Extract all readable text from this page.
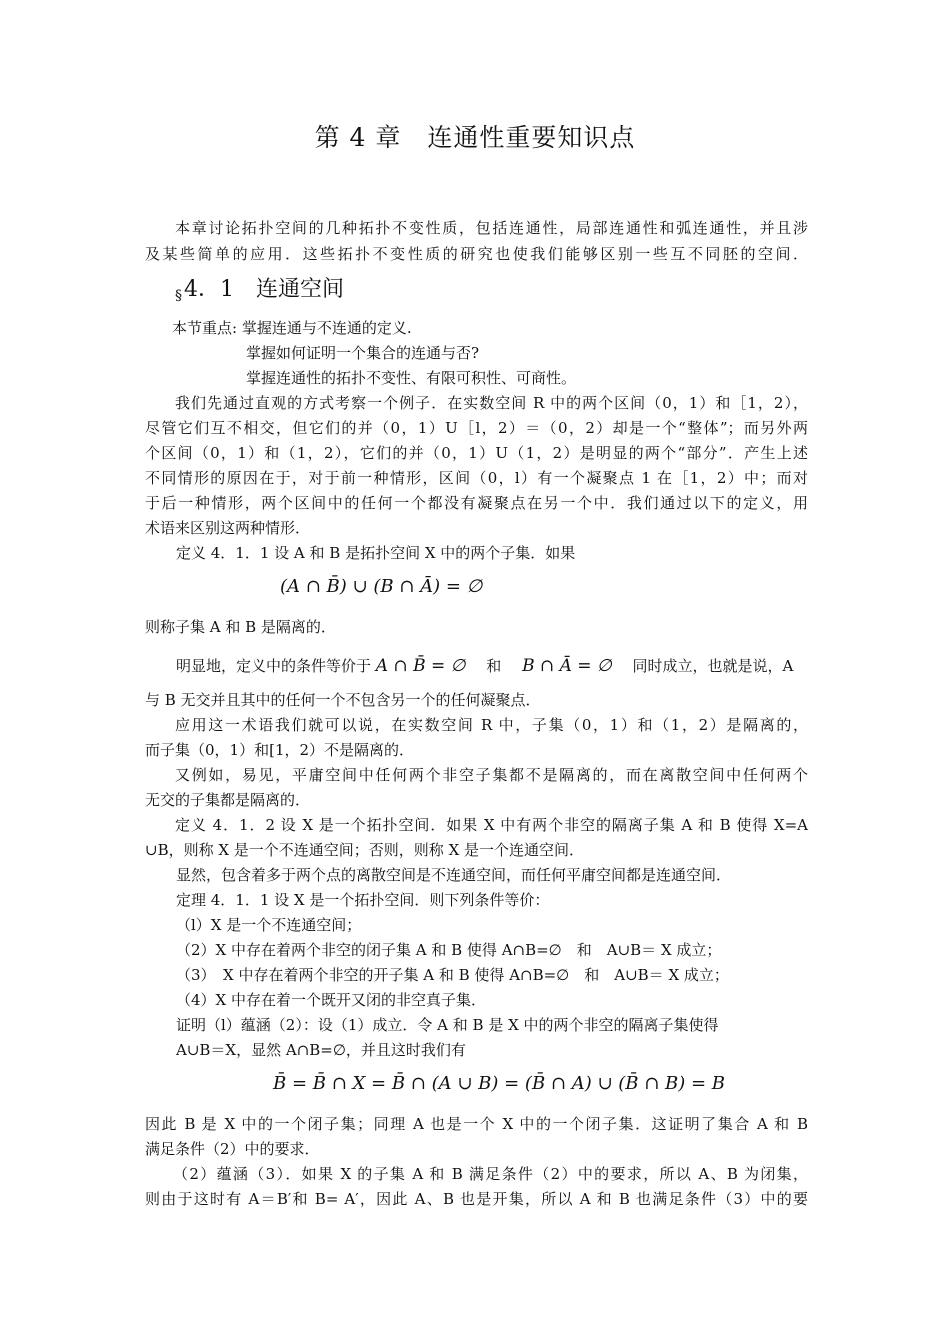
第 4 章　连通性重要知识点
本章讨论拓扑空间的几种拓扑不变性质，包括连通性，局部连通性和弧连通性，并且涉
及某些简单的应用．这些拓扑不变性质的研究也使我们能够区别一些互不同胚的空间．
§4．1 连通空间
本节重点: 掌握连通与不连通的定义.
掌握如何证明一个集合的连通与否?
掌握连通性的拓扑不变性、有限可积性、可商性。
我们先通过直观的方式考察一个例子．在实数空间 R 中的两个区间（0，1）和［1，2），
尽管它们互不相交，但它们的并（0，1）U［l，2）＝（0，2）却是一个“整体”；而另外两
个区间（0，1）和（1，2），它们的并（0，1）U（1，2）是明显的两个“部分”．产生上述
不同情形的原因在于，对于前一种情形，区间（0，l）有一个凝聚点 1 在［1，2）中；而对
于后一种情形，两个区间中的任何一个都没有凝聚点在另一个中．我们通过以下的定义，用
术语来区别这两种情形．
定义 4．1．1 设 A 和 B 是拓扑空间 X 中的两个子集．如果
(A ∩ B̄) ∪ (B ∩ Ā) = ∅
则称子集 A 和 B 是隔离的．
明显地，定义中的条件等价于 A ∩ B̄ = ∅ 和 B ∩ Ā = ∅ 同时成立，也就是说，A
与 B 无交并且其中的任何一个不包含另一个的任何凝聚点．
应用这一术语我们就可以说，在实数空间 R 中，子集（0，1）和（1，2）是隔离的，
而子集（0，1）和[1，2）不是隔离的．
又例如，易见，平庸空间中任何两个非空子集都不是隔离的，而在离散空间中任何两个
无交的子集都是隔离的．
定义 4．1．2 设 X 是一个拓扑空间．如果 X 中有两个非空的隔离子集 A 和 B 使得 X=A
∪B，则称 X 是一个不连通空间；否则，则称 X 是一个连通空间．
显然，包含着多于两个点的离散空间是不连通空间，而任何平庸空间都是连通空间．
定理 4．1．1 设 X 是一个拓扑空间．则下列条件等价：
（l）X 是一个不连通空间；
（2）X 中存在着两个非空的闭子集 A 和 B 使得 A∩B=∅　和　A∪B＝ X 成立；
（3）　X 中存在着两个非空的开子集 A 和 B 使得 A∩B=∅　和　A∪B＝ X 成立；
（4）X 中存在着一个既开又闭的非空真子集．
证明（l）蕴涵（2）：设（1）成立．令 A 和 B 是 X 中的两个非空的隔离子集使得
A∪B＝X，显然 A∩B=∅，并且这时我们有
B̄ = B̄ ∩ X = B̄ ∩ (A ∪ B) = (B̄ ∩ A) ∪ (B̄ ∩ B) = B
因此 B 是 X 中的一个闭子集；同理 A 也是一个 X 中的一个闭子集．这证明了集合 A 和 B
满足条件（2）中的要求．
（2）蕴涵（3）．如果 X 的子集 A 和 B 满足条件（2）中的要求，所以 A、B 为闭集，
则由于这时有 A＝B′和 B= A′，因此 A、B 也是开集，所以 A 和 B 也满足条件（3）中的要
